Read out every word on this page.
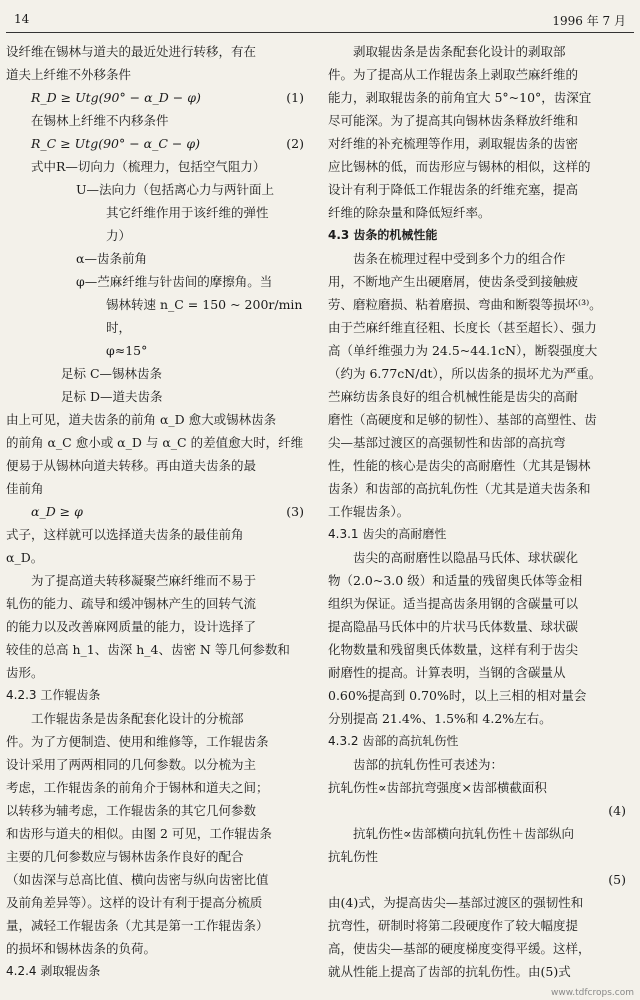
14	1996 年 7 月

设纤维在锡林与道夫的最近处进行转移，有在

道夫上纤维不外移条件

R_D ≥ Utg(90° − α_D − φ)	(1)

在锡林上纤维不内移条件

R_C ≥ Utg(90° − α_C − φ)	(2)

式中R—切向力（梳理力，包括空气阻力）

U—法向力（包括离心力与两针面上

其它纤维作用于该纤维的弹性

力）

α—齿条前角

φ—苎麻纤维与针齿间的摩擦角。当

锡林转速 n_C = 150 ~ 200r/min 时，

φ≈15°

足标 C—锡林齿条

足标 D—道夫齿条

由上可见，道夫齿条的前角 α_D 愈大或锡林齿条

的前角 α_C 愈小或 α_D 与 α_C 的差值愈大时，纤维

便易于从锡林向道夫转移。再由道夫齿条的最

佳前角

α_D ≥ φ	(3)

式子，这样就可以选择道夫齿条的最佳前角

α_D。

为了提高道夫转移凝聚苎麻纤维而不易于

轧伤的能力、疏导和缓冲锡林产生的回转气流

的能力以及改善麻网质量的能力，设计选择了

较佳的总高 h_1、齿深 h_4、齿密 N 等几何参数和

齿形。

4.2.3 工作辊齿条

工作辊齿条是齿条配套化设计的分梳部

件。为了方便制造、使用和维修等，工作辊齿条

设计采用了两两相同的几何参数。以分梳为主

考虑，工作辊齿条的前角介于锡林和道夫之间；

以转移为辅考虑，工作辊齿条的其它几何参数

和齿形与道夫的相似。由图 2 可见，工作辊齿条

主要的几何参数应与锡林齿条作良好的配合

（如齿深与总高比值、横向齿密与纵向齿密比值

及前角差异等）。这样的设计有利于提高分梳质

量，减轻工作辊齿条（尤其是第一工作辊齿条）

的损坏和锡林齿条的负荷。

4.2.4 剥取辊齿条

剥取辊齿条是齿条配套化设计的剥取部

件。为了提高从工作辊齿条上剥取苎麻纤维的

能力，剥取辊齿条的前角宜大 5°~10°，齿深宜

尽可能深。为了提高其向锡林齿条释放纤维和

对纤维的补充梳理等作用，剥取辊齿条的齿密

应比锡林的低，而齿形应与锡林的相似，这样的

设计有利于降低工作辊齿条的纤维充塞，提高

纤维的除杂量和降低短纤率。

4.3 齿条的机械性能

齿条在梳理过程中受到多个力的组合作

用，不断地产生出硬磨屑，使齿条受到接触疲

劳、磨粒磨损、粘着磨损、弯曲和断裂等损坏⁽³⁾。

由于苎麻纤维直径粗、长度长（甚至超长）、强力

高（单纤维强力为 24.5~44.1cN），断裂强度大

（约为 6.77cN/dt），所以齿条的损坏尤为严重。

苎麻纺齿条良好的组合机械性能是齿尖的高耐

磨性（高硬度和足够的韧性）、基部的高塑性、齿

尖—基部过渡区的高强韧性和齿部的高抗弯

性，性能的核心是齿尖的高耐磨性（尤其是锡林

齿条）和齿部的高抗轧伤性（尤其是道夫齿条和

工作辊齿条）。

4.3.1 齿尖的高耐磨性

齿尖的高耐磨性以隐晶马氏体、球状碳化

物（2.0~3.0 级）和适量的残留奥氏体等金相

组织为保证。适当提高齿条用钢的含碳量可以

提高隐晶马氏体中的片状马氏体数量、球状碳

化物数量和残留奥氏体数量，这样有利于齿尖

耐磨性的提高。计算表明，当钢的含碳量从

0.60%提高到 0.70%时，以上三相的相对量会

分别提高 21.4%、1.5%和 4.2%左右。

4.3.2 齿部的高抗轧伤性

齿部的抗轧伤性可表述为：

抗轧伤性∝齿部抗弯强度×齿部横截面积

(4)

抗轧伤性∝齿部横向抗轧伤性＋齿部纵向

抗轧伤性

(5)

由(4)式，为提高齿尖—基部过渡区的强韧性和

抗弯性，研制时将第二段硬度作了较大幅度提

高，使齿尖—基部的硬度梯度变得平缓。这样，

就从性能上提高了齿部的抗轧伤性。由(5)式

www.tdfcrops.com
